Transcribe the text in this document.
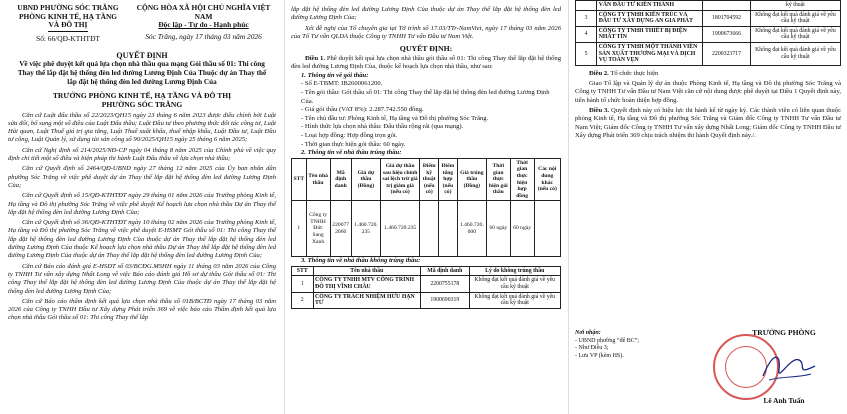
UBND PHƯỜNG SÓC TRĂNG
PHÒNG KINH TẾ, HẠ TẦNG
VÀ ĐÔ THỊ
Số: 66/QĐ-KTHTĐT
CỘNG HÒA XÃ HỘI CHỦ NGHĨA VIỆT NAM
Độc lập - Tự do - Hạnh phúc
Sóc Trăng, ngày 17 tháng 03 năm 2026
QUYẾT ĐỊNH
Về việc phê duyệt kết quả lựa chọn nhà thầu qua mạng Gói thầu số 01: Thi công Thay thế lắp đặt hệ thống đèn led đường Lương Định Của Thuộc dự án Thay thế lắp đặt hệ thống đèn led đường Lương Định Của
TRƯỞNG PHÒNG KINH TẾ, HẠ TẦNG VÀ ĐÔ THỊ
PHƯỜNG SÓC TRĂNG

Căn cứ Luật đấu thầu số 22/2023/QH15 ngày 23 tháng 6 năm 2023 được điều chỉnh bởi Luật sửa đổi, bổ sung một số điều của Luật Đấu thầu; Luật Đầu tư theo phương thức đối tác công tư, Luật Hải quan, Luật Thuế giá trị gia tăng, Luật Thuế xuất khẩu, thuế nhập khẩu, Luật Đầu tư, Luật Đầu tư công, Luật Quản lý, sử dụng tài sản công số 90/2025/QH15 ngày 25 tháng 6 năm 2025;

Căn cứ Nghị định số 214/2025/NĐ-CP ngày 04 tháng 8 năm 2025 của Chính phủ về việc quy định chi tiết một số điều và biện pháp thi hành Luật Đấu thầu về lựa chọn nhà thầu;

Căn cứ Quyết định số 2464/QĐ-UBND ngày 27 tháng 12 năm 2025 của Ủy ban nhân dân phường Sóc Trăng về việc phê duyệt dự án Thay thế lắp đặt hệ thống đèn led đường Lương Định Của;

Căn cứ Quyết định số 15/QĐ-KTHTĐT ngày 29 tháng 01 năm 2026 của Trưởng phòng Kinh tế, Hạ tầng và Đô thị phường Sóc Trăng về việc phê duyệt Kế hoạch lựa chọn nhà thầu Dự án Thay thế lắp đặt hệ thống đèn led đường Lương Định Của;

Căn cứ Quyết định số 36/QĐ-KTHTĐT ngày 10 tháng 02 năm 2026 của Trưởng phòng Kinh tế, Hạ tầng và Đô thị phường Sóc Trăng về việc phê duyệt E-HSMT Gói thầu số 01: Thi công Thay thế lắp đặt hệ thống đèn led đường Lương Định Của thuộc dự án Thay thế lắp đặt hệ thống đèn led đường Lương Định Của thuộc Kế hoạch lựa chọn nhà thầu Dự án Thay thế lắp đặt hệ thống đèn led đường Lương Định Của thuộc dự án Thay thế lắp đặt hệ thống đèn led đường Lương Định Của;

Căn cứ Báo cáo đánh giá E-HSDT số 03/BCĐG.MSHH ngày 11 tháng 03 năm 2026 của Công ty TNHH Tư vấn xây dựng Nhất Long về việc Báo cáo đánh giá Hồ sơ dự thầu Gói thầu số 01: Thi công Thay thế lắp đặt hệ thống đèn led đường Lương Định Của thuộc dự án Thay thế lắp đặt hệ thống đèn led đường Lương Định Của;

Căn cứ Báo cáo thẩm định kết quả lựa chọn nhà thầu số 01B/BCTĐ ngày 17 tháng 03 năm 2026 của Công ty TNHH Đầu tư Xây dựng Phát triển 369 về việc báo cáo Thẩm định kết quả lựa chọn nhà thầu Gói thầu số 01: Thi công Thay thế lắp

lắp đặt hệ thống đèn led đường Lương Định Của thuộc dự án Thay thế lắp đặt hệ thống đèn led đường Lương Định Của;

Xét đề nghị của Tổ chuyên gia tại Tờ trình số 17.03/TTr-NamViet, ngày 17 tháng 03 năm 2026 của Tổ Tư vấn QLDA thuộc Công ty TNHH Tư vấn Đầu tư Nam Việt.

QUYẾT ĐỊNH:

Điều 1. Phê duyệt kết quả lựa chọn nhà thầu gói thầu số 01: Thi công Thay thế lắp đặt hệ thống đèn led đường Lương Định Của, thuộc kế hoạch lựa chọn nhà thầu, như sau:

1. Thông tin về gói thầu:
- Số E-TBMT: IB2600061200.
- Tên gói thầu: Gói thầu số 01: Thi công Thay thế lắp đặt hệ thống đèn led đường Lương Định Của.
- Giá gói thầu (VAT 8%): 2.287.742.550 đồng.
- Tên chủ đầu tư: Phòng Kinh tế, Hạ tầng và Đô thị phường Sóc Trăng.
- Hình thức lựa chọn nhà thầu: Đấu thầu rộng rãi (qua mạng).
- Loại hợp đồng: Hợp đồng trọn gói.
- Thời gian thực hiện gói thầu: 60 ngày.
2. Thông tin về nhà thầu trúng thầu:
STT	Tên nhà thầu	Mã định danh	Giá dự thầu (Đồng)	Giá dự thầu sau hiệu chỉnh sai lệch trừ giá trị giảm giá (nếu có)	Điểm kỹ thuật (nếu có)	Điểm tổng hợp (nếu có)	Giá trúng thầu (Đồng)	Thời gian thực hiện gói thầu	Thời gian thực hiện hợp đồng	Các nội dung khác (nếu có)
1	Công ty TNHH Đức Sang Xanh	2200772060	1.460.720.235	1.460.720.235			1.460.720.000	60 ngày	60 ngày	
3. Thông tin về nhà thầu không trúng thầu:
STT	Tên nhà thầu	Mã định danh	Lý do không trúng thầu
1	CÔNG TY TNHH MTV CÔNG TRÌNH ĐÔ THỊ VĨNH CHÂU	2200755178	Không đạt kết quả đánh giá về yêu cầu kỹ thuật
2	CÔNG TY TRÁCH NHIỆM HỮU HẠN TƯ	1900690319	Không đạt kết quả đánh giá về yêu cầu kỹ thuật
	VẤN ĐẦU TƯ KIẾN THÀNH		kỹ thuật
3	CÔNG TY TNHH KIẾN TRÚC VÀ ĐẦU TƯ XÂY DỰNG AN GIA PHÁT	1801704592	Không đạt kết quả đánh giá về yêu cầu kỹ thuật
4	CÔNG TY TNHH THIẾT BỊ ĐIỆN NHẤT TÍN	1900673666	Không đạt kết quả đánh giá về yêu cầu kỹ thuật
5	CÔNG TY TNHH MỘT THÀNH VIÊN SẢN XUẤT THƯƠNG MẠI VÀ DỊCH VỤ TOÀN VẸN	2200323717	Không đạt kết quả đánh giá về yêu cầu kỹ thuật

Điều 2. Tổ chức thực hiện

Giao Tổ lập và Quản lý dự án thuộc Phòng Kinh tế, Hạ tầng và Đô thị phường Sóc Trăng và Công ty TNHH Tư vấn Đầu tư Nam Việt căn cứ nội dung được phê duyệt tại Điều 1 Quyết định này, tiến hành tổ chức hoàn thiện hợp đồng.

Điều 3. Quyết định này có hiệu lực thi hành kể từ ngày ký. Các thành viên có liên quan thuộc phòng Kinh tế, Hạ tầng và Đô thị phường Sóc Trăng và Giám đốc Công ty TNHH Tư vấn Đầu tư Nam Việt; Giám đốc Công ty TNHH Tư vấn xây dựng Nhất Long; Giám đốc Công ty TNHH Đầu tư Xây dựng Phát triển 369 chịu trách nhiệm thi hành Quyết định này./.

Nơi nhận:
- UBND phường “để BC”;
- Như Điều 3;
- Lưu VP (kèm HS).
TRƯỞNG PHÒNG
Lê Anh Tuấn
